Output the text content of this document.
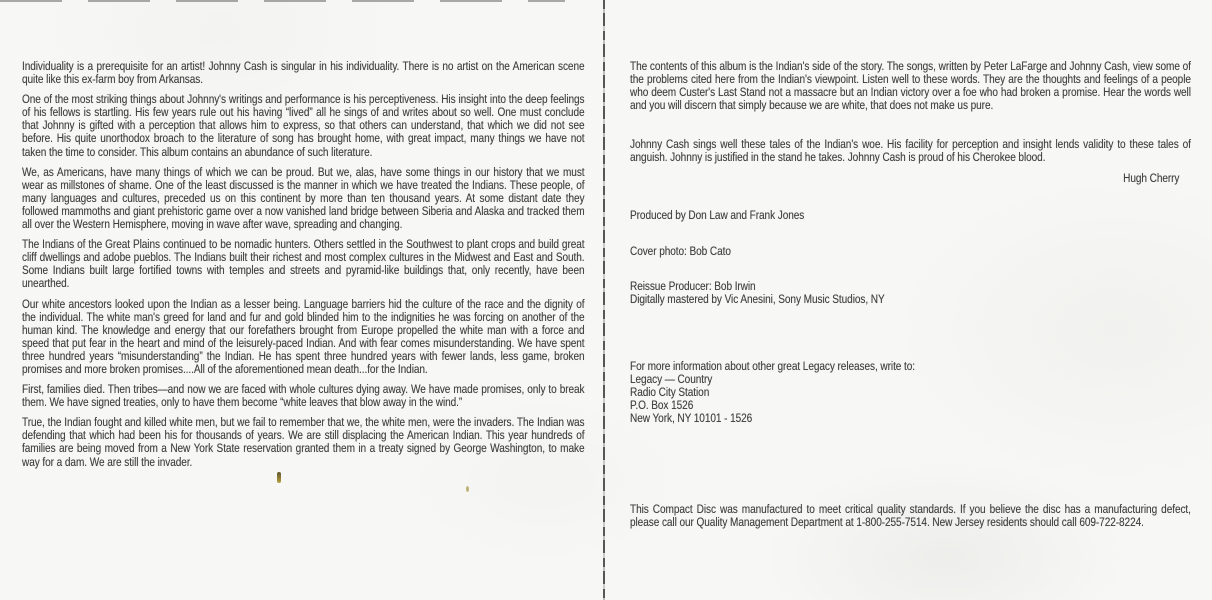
Individuality is a prerequisite for an artist! Johnny Cash is singular in his individuality. There is no artist on the American scene quite like this ex-farm boy from Arkansas.

One of the most striking things about Johnny's writings and performance is his perceptiveness. His insight into the deep feelings of his fellows is startling. His few years rule out his having “lived” all he sings of and writes about so well. One must conclude that Johnny is gifted with a perception that allows him to express, so that others can understand, that which we did not see before. His quite unorthodox broach to the literature of song has brought home, with great impact, many things we have not taken the time to consider. This album contains an abundance of such literature.

We, as Americans, have many things of which we can be proud. But we, alas, have some things in our history that we must wear as millstones of shame. One of the least discussed is the manner in which we have treated the Indians. These people, of many languages and cultures, preceded us on this continent by more than ten thousand years. At some distant date they followed mammoths and giant prehistoric game over a now vanished land bridge between Siberia and Alaska and tracked them all over the Western Hemisphere, moving in wave after wave, spreading and changing.

The Indians of the Great Plains continued to be nomadic hunters. Others settled in the Southwest to plant crops and build great cliff dwellings and adobe pueblos. The Indians built their richest and most complex cultures in the Midwest and East and South. Some Indians built large fortified towns with temples and streets and pyramid-like buildings that, only recently, have been unearthed.

Our white ancestors looked upon the Indian as a lesser being. Language barriers hid the culture of the race and the dignity of the individual. The white man's greed for land and fur and gold blinded him to the indignities he was forcing on another of the human kind. The knowledge and energy that our forefathers brought from Europe propelled the white man with a force and speed that put fear in the heart and mind of the leisurely-paced Indian. And with fear comes misunderstanding. We have spent three hundred years “misunderstanding” the Indian. He has spent three hundred years with fewer lands, less game, broken promises and more broken promises....All of the aforementioned mean death...for the Indian.

First, families died. Then tribes—and now we are faced with whole cultures dying away. We have made promises, only to break them. We have signed treaties, only to have them become “white leaves that blow away in the wind.”

True, the Indian fought and killed white men, but we fail to remember that we, the white men, were the invaders. The Indian was defending that which had been his for thousands of years. We are still displacing the American Indian. This year hundreds of families are being moved from a New York State reservation granted them in a treaty signed by George Washington, to make way for a dam. We are still the invader.

The contents of this album is the Indian's side of the story. The songs, written by Peter LaFarge and Johnny Cash, view some of the problems cited here from the Indian's viewpoint. Listen well to these words. They are the thoughts and feelings of a people who deem Custer's Last Stand not a massacre but an Indian victory over a foe who had broken a promise. Hear the words well and you will discern that simply because we are white, that does not make us pure.

Johnny Cash sings well these tales of the Indian's woe. His facility for perception and insight lends validity to these tales of anguish. Johnny is justified in the stand he takes. Johnny Cash is proud of his Cherokee blood.

Hugh Cherry
Produced by Don Law and Frank Jones
Cover photo: Bob Cato
Reissue Producer: Bob Irwin
Digitally mastered by Vic Anesini, Sony Music Studios, NY
For more information about other great Legacy releases, write to:
Legacy — Country
Radio City Station
P.O. Box 1526
New York, NY 10101 - 1526

This Compact Disc was manufactured to meet critical quality standards. If you believe the disc has a manufacturing defect, please call our Quality Management Department at 1-800-255-7514. New Jersey residents should call 609-722-8224.
